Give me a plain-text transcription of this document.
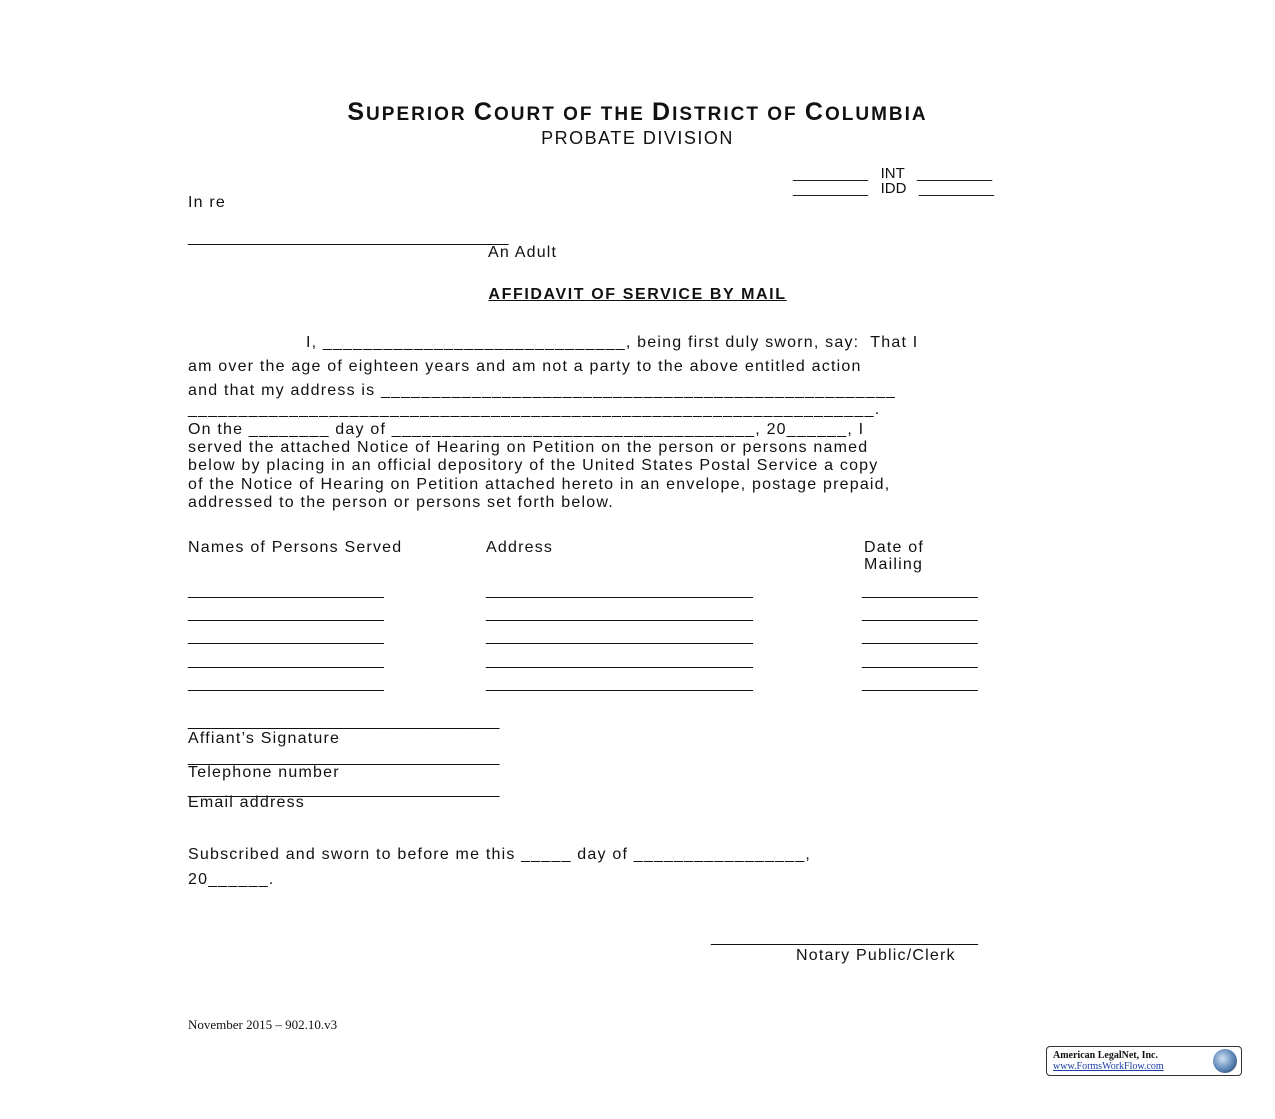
SUPERIOR COURT OF THE DISTRICT OF COLUMBIA
PROBATE DIVISION
_________   INT   _________
_________   IDD   _________
In re
____________________________________
An Adult
AFFIDAVIT OF SERVICE BY MAIL
I, ______________________________, being first duly sworn, say:  That I
am over the age of eighteen years and am not a party to the above entitled action
and that my address is ___________________________________________________
____________________________________________________________________.
On the ________ day of ____________________________________, 20______, I
served the attached Notice of Hearing on Petition on the person or persons named
below by placing in an official depository of the United States Postal Service a copy
of the Notice of Hearing on Petition attached hereto in an envelope, postage prepaid,
addressed to the person or persons set forth below.
Names of Persons Served	Address	Date of
Mailing
______________________	______________________________	_____________
______________________	______________________________	_____________
______________________	______________________________	_____________
______________________	______________________________	_____________
______________________	______________________________	_____________
___________________________________
Affiant’s Signature
___________________________________
Telephone number
___________________________________
Email address
Subscribed and sworn to before me this _____ day of _________________,
20______.
______________________________
Notary Public/Clerk
November 2015 – 902.10.v3

American LegalNet, Inc.

www.FormsWorkFlow.com
